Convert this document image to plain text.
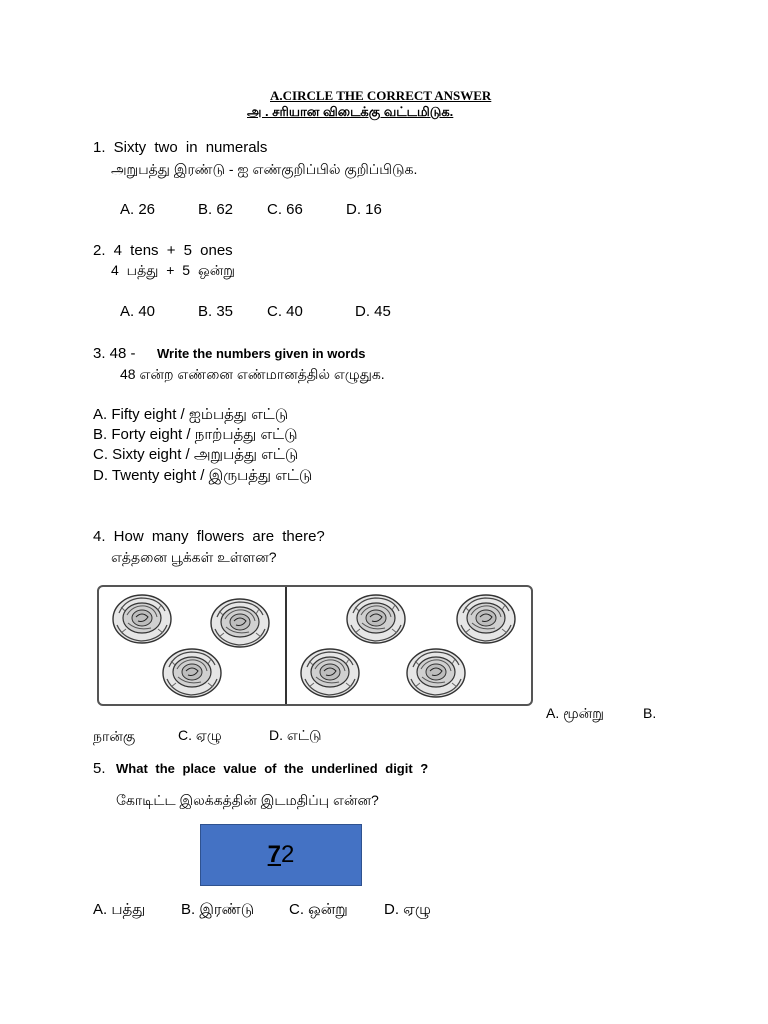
A.CIRCLE THE CORRECT ANSWER
அ . சரியான விடைக்கு வட்டமிடுக.
1. Sixty two in numerals
அறுபத்து இரண்டு - ஐ எண்குறிப்பில் குறிப்பிடுக.
A. 26	B. 62 C. 66	D. 16
2. 4 tens + 5 ones
4 பத்து + 5 ஒன்று
A. 40	B. 35 C. 40	D. 45
3. 48 - Write the numbers given in words
48 என்ற எண்னை எண்மானத்தில் எழுதுக.
A. Fifty eight / ஐம்பத்து எட்டு
B. Forty eight / நாற்பத்து எட்டு
C. Sixty eight / அறுபத்து எட்டு
D. Twenty eight / இருபத்து எட்டு
4. How many flowers are there?
எத்தனை பூக்கள் உள்ளன?
A. மூன்று	B.
நான்கு	C. ஏழு	D. எட்டு
5. What the place value of the underlined digit ?
கோடிட்ட இலக்கத்தின் இடமதிப்பு என்ன?
7 2
A. பத்து B. இரண்டு C. ஒன்று D. ஏழு
